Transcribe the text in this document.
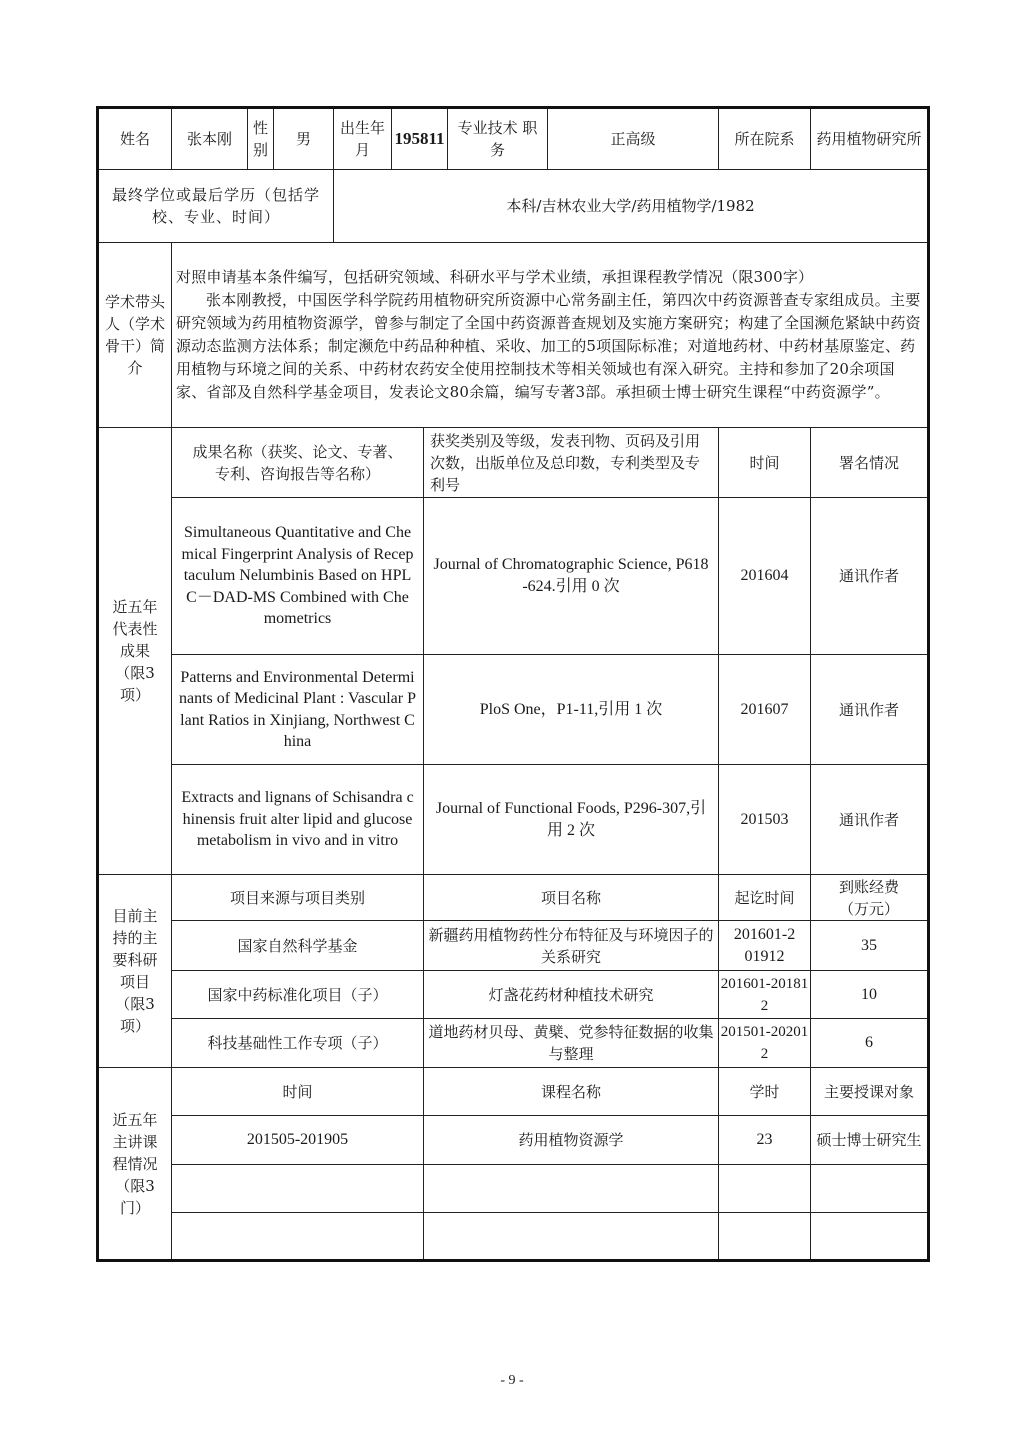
姓名	张本刚	性别	男	出生年月	195811		专业技术 职　务	正高级	所在院系	药用植物研究所
最终学位或最后学历（包括学校、专业、时间）				本科/吉林农业大学/药用植物学/1982						
学术带头人（学术骨干）简介	对照申请基本条件编写，包括研究领域、科研水平与学术业绩，承担课程教学情况（限300字）
张本刚教授，中国医学科学院药用植物研究所资源中心常务副主任，第四次中药资源普查专家组成员。主要研究领域为药用植物资源学，曾参与制定了全国中药资源普查规划及实施方案研究；构建了全国濒危紧缺中药资源动态监测方法体系；制定濒危中药品种种植、采收、加工的5项国际标准；对道地药材、中药材基原鉴定、药用植物与环境之间的关系、中药材农药安全使用控制技术等相关领域也有深入研究。主持和参加了20余项国家、省部及自然科学基金项目，发表论文80余篇，编写专著3部。承担硕士博士研究生课程“中药资源学”。									

近五年代表性成果（限3项）	成果名称（获奖、论文、专著、专利、咨询报告等名称）					获奖类别及等级，发表刊物、页码及引用次数，出版单位及总印数，专利类型及专利号			时间	署名情况
	Simultaneous Quantitative and Chemical Fingerprint Analysis of Receptaculum Nelumbinis Based on HPLC－DAD-MS Combined with Chemometrics					Journal of Chromatographic Science, P618-624.引用 0 次			201604	通讯作者
	Patterns and Environmental Determinants of Medicinal Plant : Vascular Plant Ratios in Xinjiang, Northwest China					PloS One，P1-11,引用 1 次			201607	通讯作者
	Extracts and lignans of Schisandra chinensis fruit alter lipid and glucose metabolism in vivo and in vitro					Journal of Functional Foods, P296-307,引用 2 次			201503	通讯作者
目前主持的主要科研项目（限3项）	项目来源与项目类别					项目名称			起讫时间	到账经费（万元）
	国家自然科学基金					新疆药用植物药性分布特征及与环境因子的关系研究			201601-201912	35
	国家中药标准化项目（子）					灯盏花药材种植技术研究			201601-201812	10
	科技基础性工作专项（子）					道地药材贝母、黄檗、党参特征数据的收集与整理			201501-202012	6
近五年主讲课程情况（限3门）	时间					课程名称			学时	主要授课对象
	201505-201905					药用植物资源学			23	硕士博士研究生

- 9 -
